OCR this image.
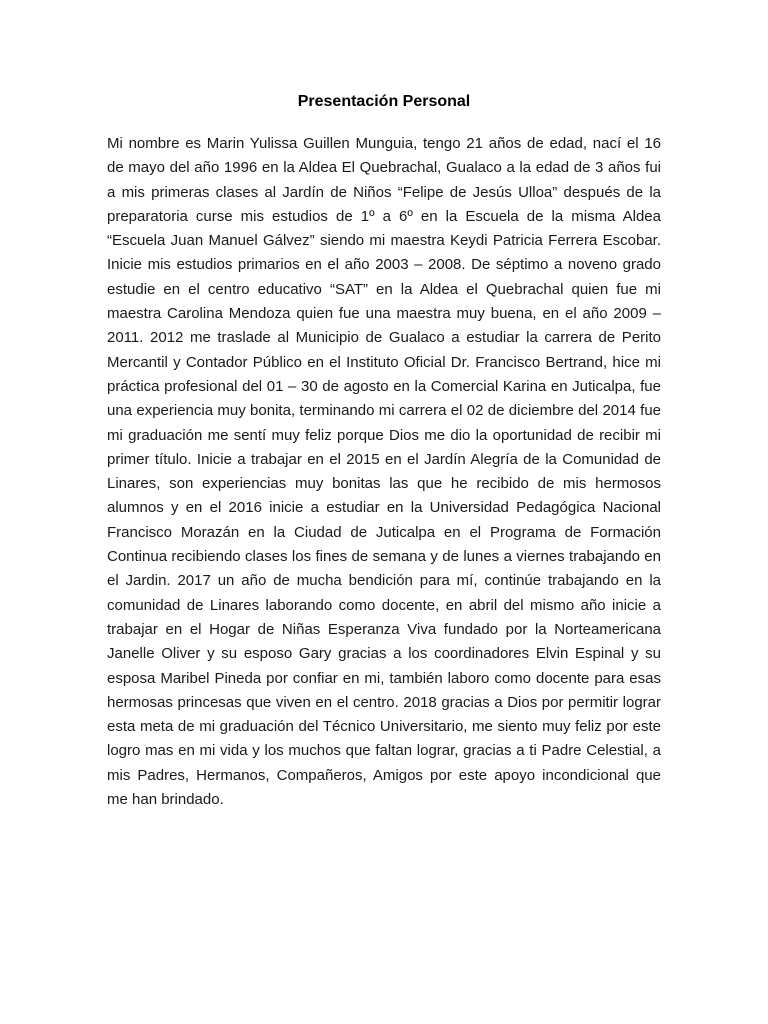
Presentación Personal
Mi nombre es Marin Yulissa Guillen Munguia, tengo 21 años de edad, nací el 16
de mayo del año 1996 en la Aldea El Quebrachal, Gualaco a la edad de 3 años fui
a mis primeras clases al Jardín de Niños “Felipe de Jesús Ulloa” después de la
preparatoria curse mis estudios de 1º a 6º en la Escuela de la misma Aldea
“Escuela Juan Manuel Gálvez” siendo mi maestra Keydi Patricia Ferrera Escobar.
Inicie mis estudios primarios en el año 2003 – 2008. De séptimo a noveno grado
estudie en el centro educativo “SAT” en la Aldea el Quebrachal quien fue mi
maestra Carolina Mendoza quien fue una maestra muy buena, en el año 2009 –
2011. 2012 me traslade al Municipio de Gualaco a estudiar la carrera de Perito
Mercantil y Contador Público en el Instituto Oficial Dr. Francisco Bertrand, hice mi
práctica profesional del 01 – 30 de agosto en la Comercial Karina en Juticalpa, fue
una experiencia muy bonita, terminando mi carrera el 02 de diciembre del 2014 fue
mi graduación me sentí muy feliz porque Dios me dio la oportunidad de recibir mi
primer título. Inicie a trabajar en el 2015 en el Jardín Alegría de la Comunidad de
Linares, son experiencias muy bonitas las que he recibido de mis hermosos
alumnos y en el 2016 inicie a estudiar en la Universidad Pedagógica Nacional
Francisco Morazán en la Ciudad de Juticalpa en el Programa de Formación
Continua recibiendo clases los fines de semana y de lunes a viernes trabajando en
el Jardin. 2017 un año de mucha bendición para mí, continúe trabajando en la
comunidad de Linares laborando como docente, en abril del mismo año inicie a
trabajar en el Hogar de Niñas Esperanza Viva fundado por la Norteamericana
Janelle Oliver y su esposo Gary gracias a los coordinadores Elvin Espinal y su
esposa Maribel Pineda por confiar en mi, también laboro como docente para esas
hermosas princesas que viven en el centro. 2018 gracias a Dios por permitir lograr
esta meta de mi graduación del Técnico Universitario, me siento muy feliz por este
logro mas en mi vida y los muchos que faltan lograr, gracias a ti Padre Celestial, a
mis Padres, Hermanos, Compañeros, Amigos por este apoyo incondicional que
me han brindado.
